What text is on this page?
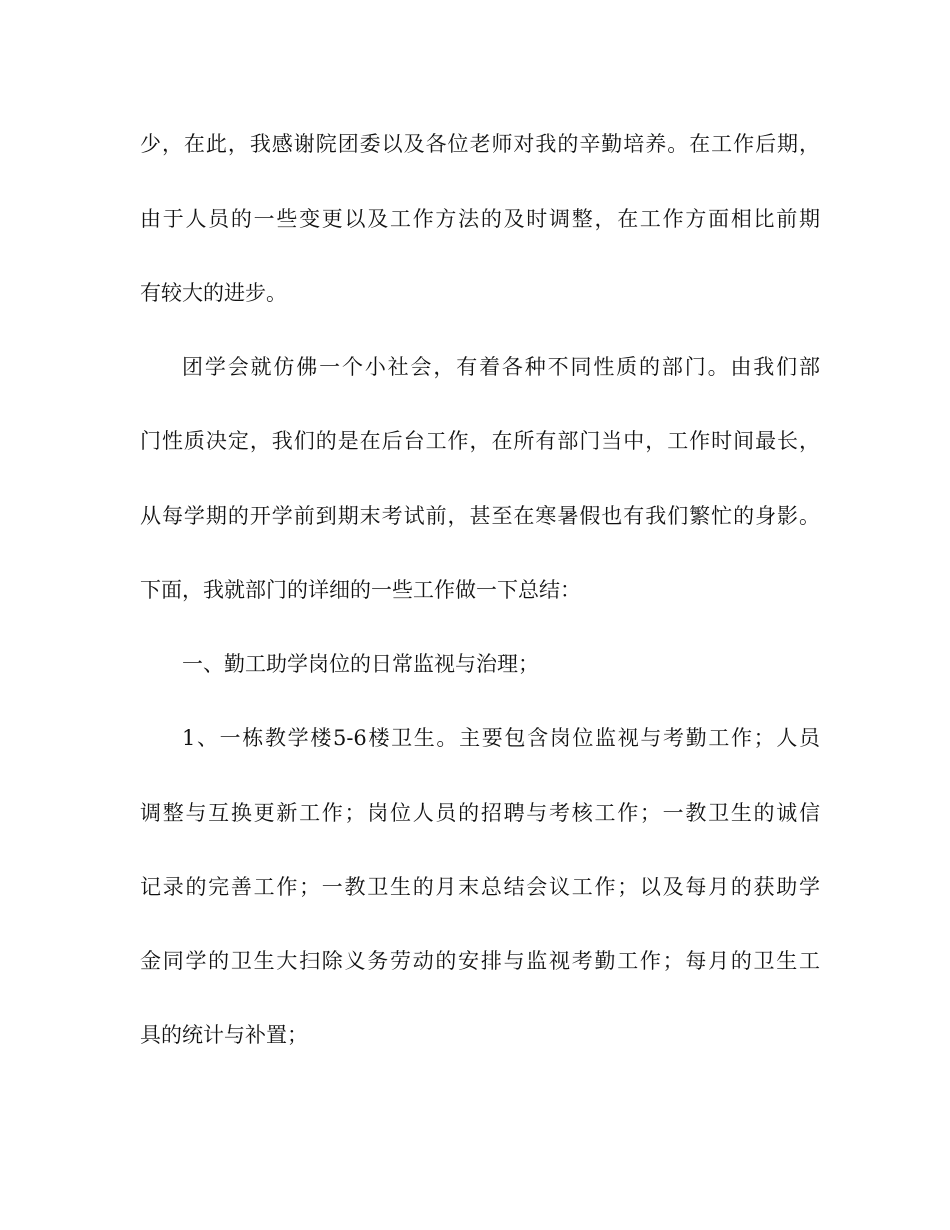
少，在此，我感谢院团委以及各位老师对我的辛勤培养。在工作后期，
由于人员的一些变更以及工作方法的及时调整，在工作方面相比前期
有较大的进步。
团学会就仿佛一个小社会，有着各种不同性质的部门。由我们部
门性质决定，我们的是在后台工作，在所有部门当中，工作时间最长，
从每学期的开学前到期末考试前，甚至在寒暑假也有我们繁忙的身影。
下面，我就部门的详细的一些工作做一下总结：
一、勤工助学岗位的日常监视与治理；
1、一栋教学楼5-6楼卫生。主要包含岗位监视与考勤工作；人员
调整与互换更新工作；岗位人员的招聘与考核工作；一教卫生的诚信
记录的完善工作；一教卫生的月末总结会议工作；以及每月的获助学
金同学的卫生大扫除义务劳动的安排与监视考勤工作；每月的卫生工
具的统计与补置；
